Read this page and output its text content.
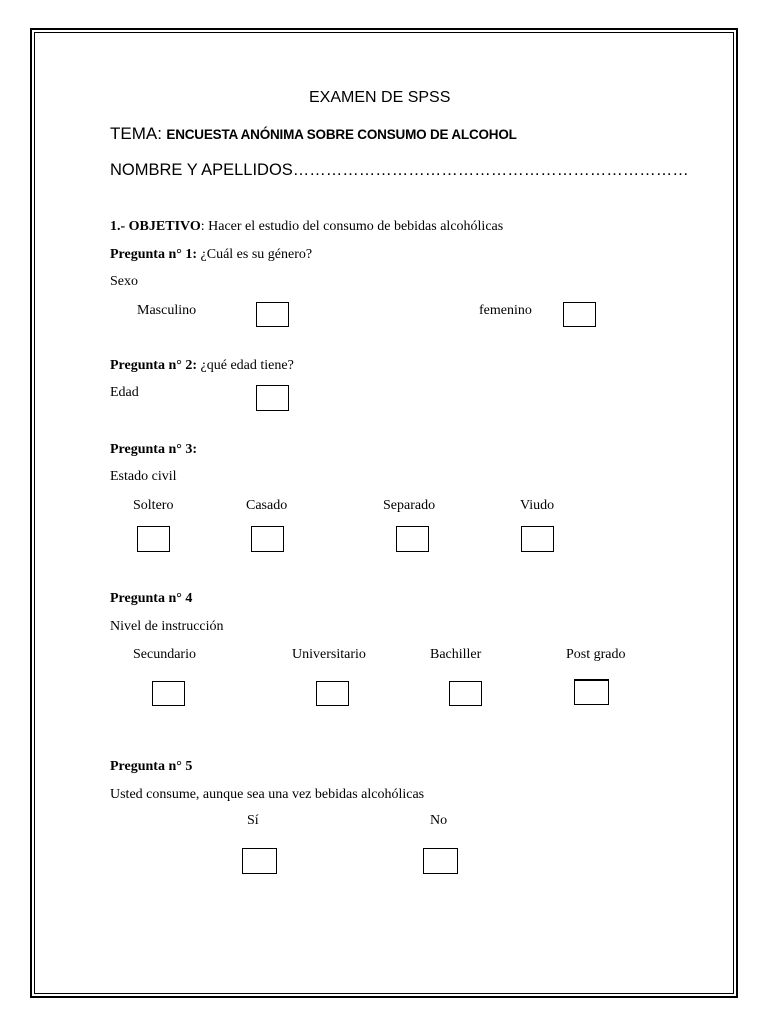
EXAMEN DE SPSS
TEMA: ENCUESTA ANÓNIMA SOBRE CONSUMO DE ALCOHOL
NOMBRE Y APELLIDOS………………………………………………………………
1.- OBJETIVO: Hacer el estudio del consumo de bebidas alcohólicas
Pregunta n° 1: ¿Cuál es su género?
Sexo
Masculino	femenino
Pregunta n° 2: ¿qué edad tiene?
Edad
Pregunta n° 3:
Estado civil
Soltero	Casado	Separado	Viudo
Pregunta n° 4
Nivel de instrucción
Secundario	Universitario	Bachiller	Post grado
Pregunta n° 5
Usted consume, aunque sea una vez bebidas alcohólicas
Sí	No
